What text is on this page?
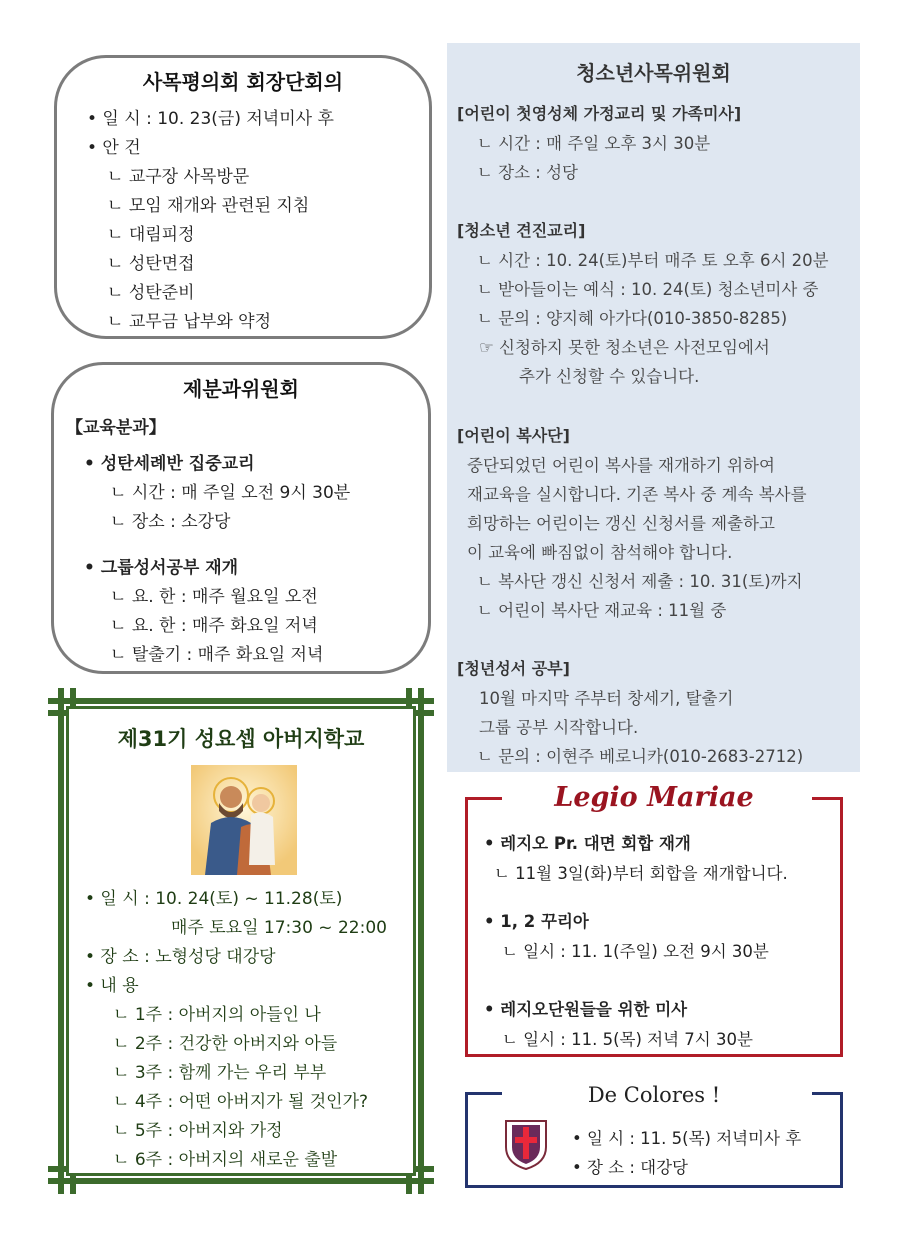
사목평의회 회장단회의
• 일 시 : 10. 23(금) 저녁미사 후
• 안 건
ㄴ 교구장 사목방문
ㄴ 모임 재개와 관련된 지침
ㄴ 대림피정
ㄴ 성탄면접
ㄴ 성탄준비
ㄴ 교무금 납부와 약정
제분과위원회
【교육분과】
• 성탄세례반 집중교리
ㄴ 시간 : 매 주일 오전 9시 30분
ㄴ 장소 : 소강당
• 그룹성서공부 재개
ㄴ 요. 한 : 매주 월요일 오전
ㄴ 요. 한 : 매주 화요일 저녁
ㄴ 탈출기 : 매주 화요일 저녁
제31기 성요셉 아버지학교
• 일 시 : 10. 24(토) ~ 11.28(토)
매주 토요일 17:30 ~ 22:00
• 장 소 : 노형성당 대강당
• 내 용
ㄴ 1주 : 아버지의 아들인 나
ㄴ 2주 : 건강한 아버지와 아들
ㄴ 3주 : 함께 가는 우리 부부
ㄴ 4주 : 어떤 아버지가 될 것인가?
ㄴ 5주 : 아버지와 가정
ㄴ 6주 : 아버지의 새로운 출발
청소년사목위원회
[어린이 첫영성체 가정교리 및 가족미사]
ㄴ 시간 : 매 주일 오후 3시 30분
ㄴ 장소 : 성당
[청소년 견진교리]
ㄴ 시간 : 10. 24(토)부터 매주 토 오후 6시 20분
ㄴ 받아들이는 예식 : 10. 24(토) 청소년미사 중
ㄴ 문의 : 양지혜 아가다(010-3850-8285)
☞ 신청하지 못한 청소년은 사전모임에서
추가 신청할 수 있습니다.
[어린이 복사단]
중단되었던 어린이 복사를 재개하기 위하여
재교육을 실시합니다. 기존 복사 중 계속 복사를
희망하는 어린이는 갱신 신청서를 제출하고
이 교육에 빠짐없이 참석해야 합니다.
ㄴ 복사단 갱신 신청서 제출 : 10. 31(토)까지
ㄴ 어린이 복사단 재교육 : 11월 중
[청년성서 공부]
10월 마지막 주부터 창세기, 탈출기
그룹 공부 시작합니다.
ㄴ 문의 : 이현주 베로니카(010-2683-2712)
Legio Mariae
• 레지오 Pr. 대면 회합 재개
ㄴ 11월 3일(화)부터 회합을 재개합니다.
• 1, 2 꾸리아
ㄴ 일시 : 11. 1(주일) 오전 9시 30분
• 레지오단원들을 위한 미사
ㄴ 일시 : 11. 5(목) 저녁 7시 30분
De Colores !
• 일 시 : 11. 5(목) 저녁미사 후
• 장 소 : 대강당
